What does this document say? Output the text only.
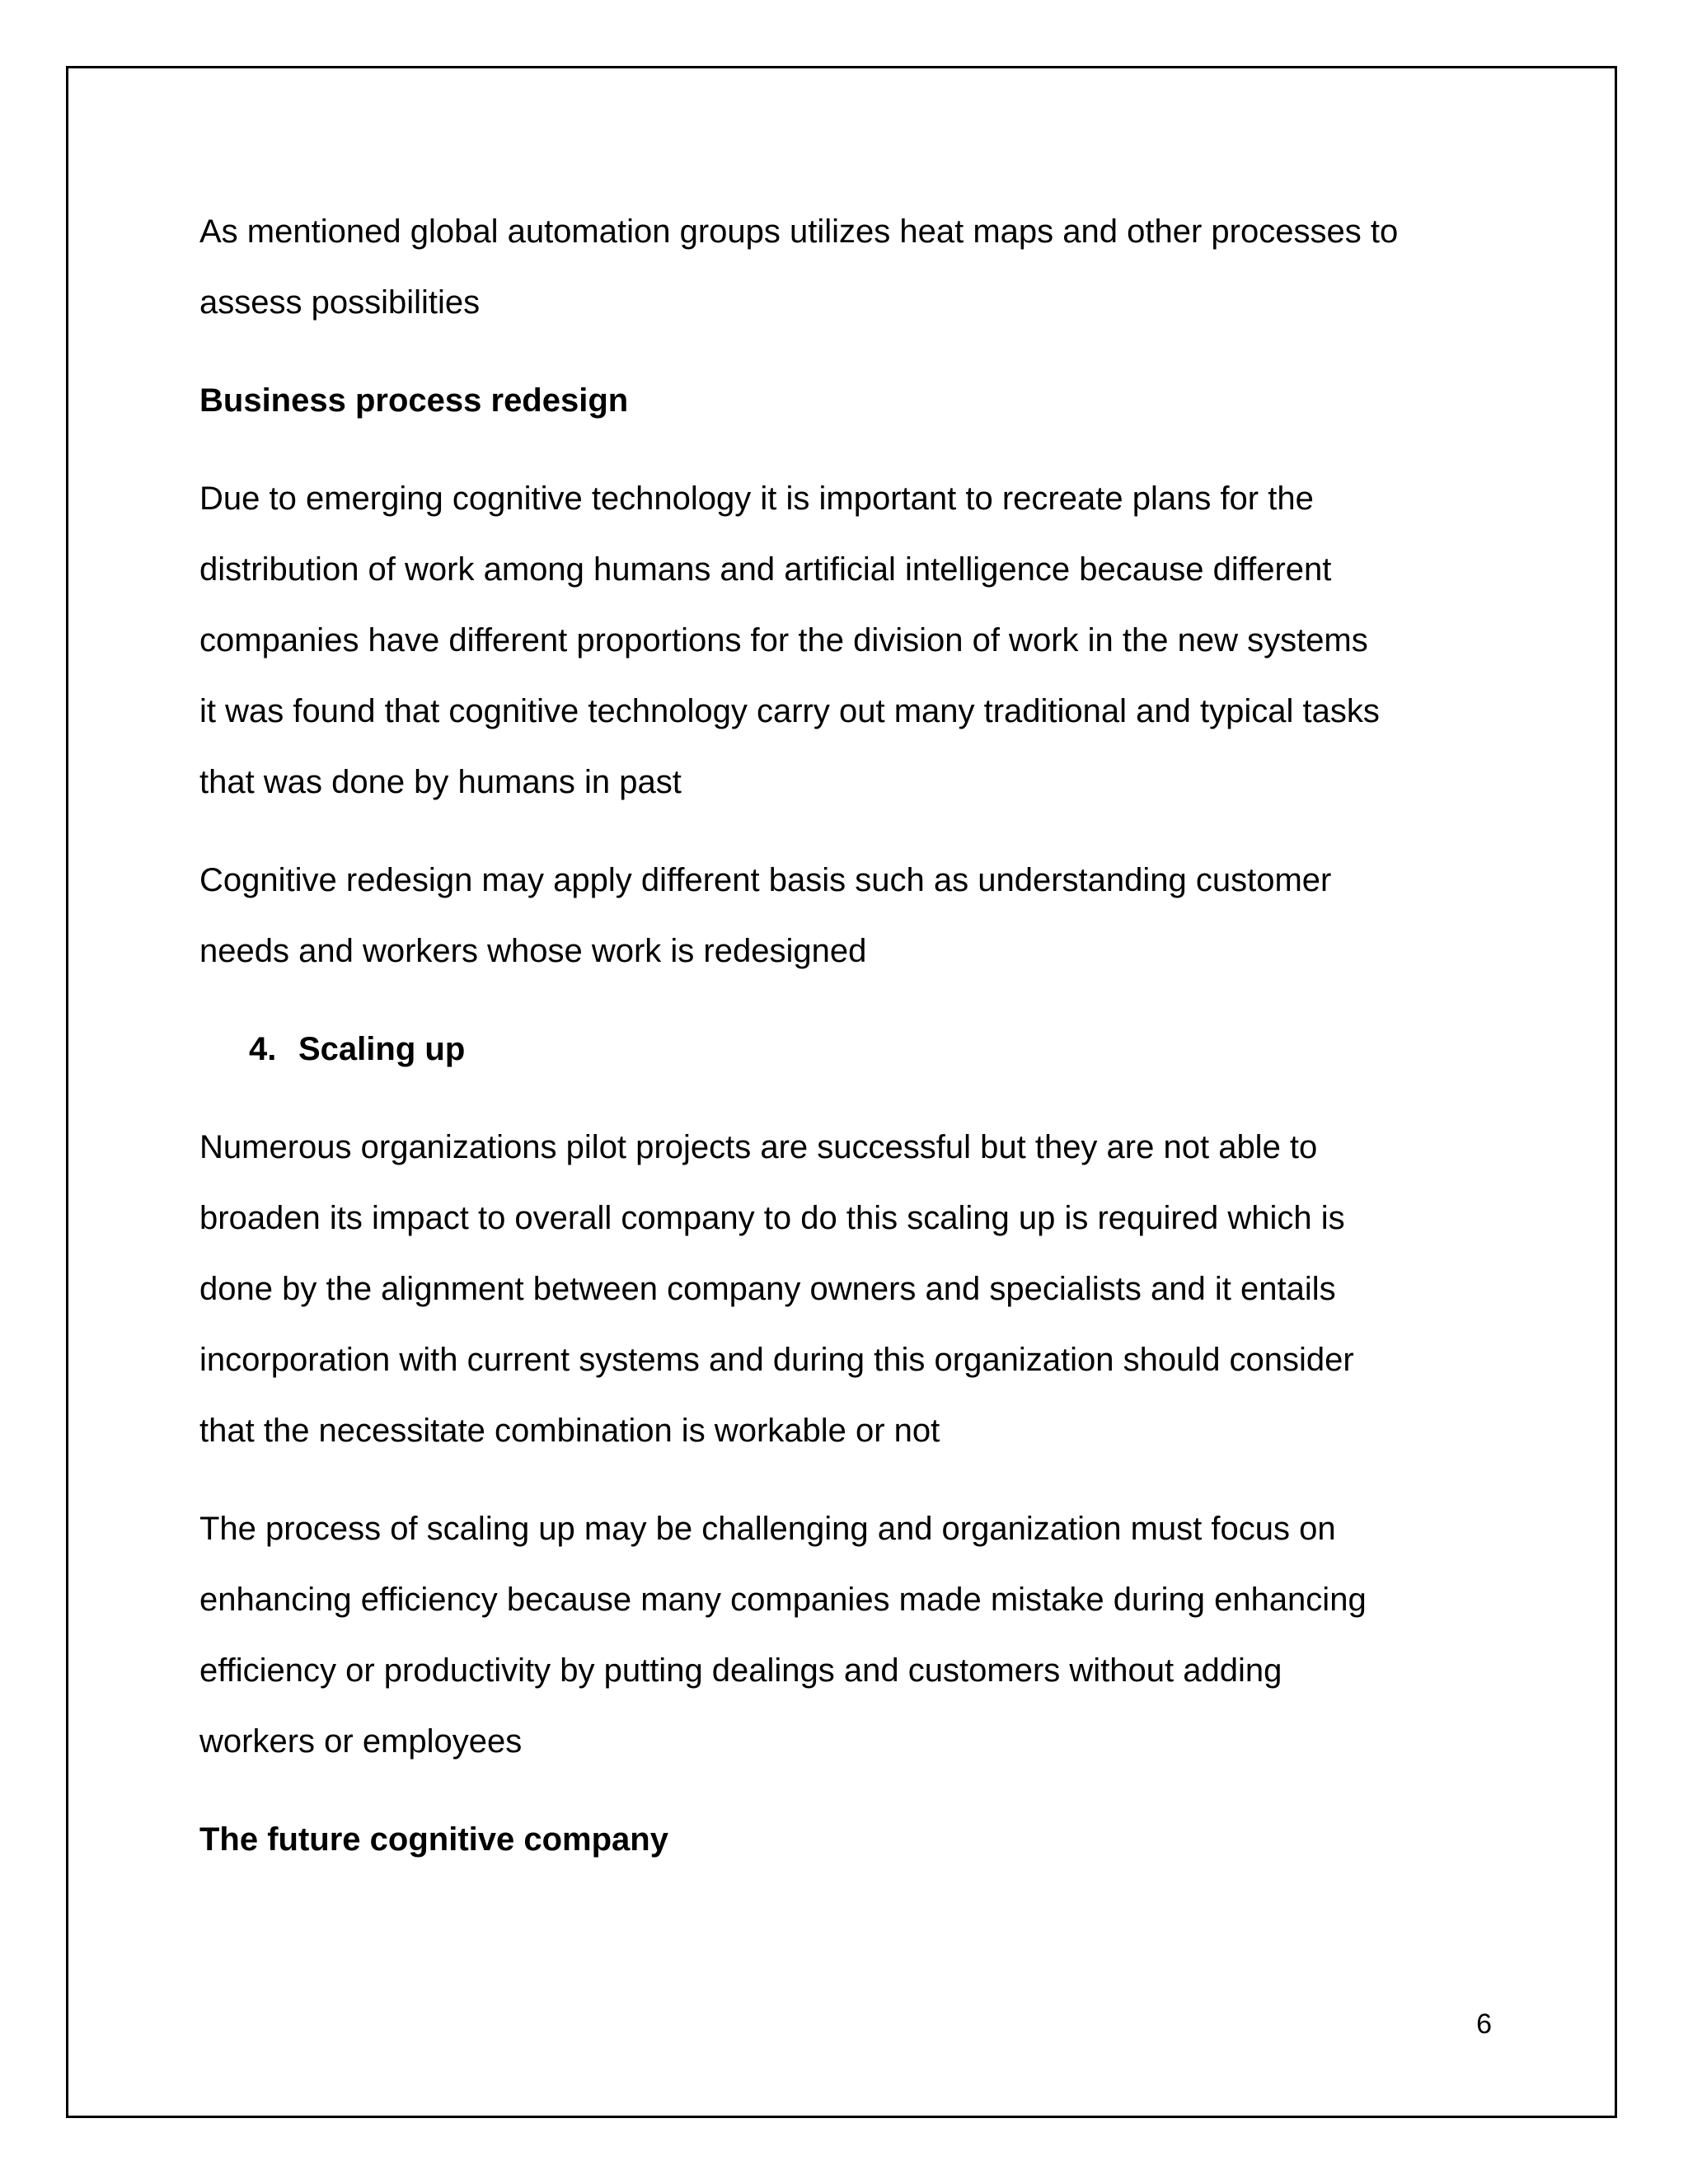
As mentioned global automation groups utilizes heat maps and other processes to
assess possibilities
Business process redesign
Due to emerging cognitive technology it is important to recreate plans for the
distribution of work among humans and artificial intelligence because different
companies have different proportions for the division of work in the new systems
it was found that cognitive technology carry out many traditional and typical tasks
that was done by humans in past
Cognitive redesign may apply different basis such as understanding customer
needs and workers whose work is redesigned
4. Scaling up
Numerous organizations pilot projects are successful but they are not able to
broaden its impact to overall company to do this scaling up is required which is
done by the alignment between company owners and specialists and it entails
incorporation with current systems and during this organization should consider
that the necessitate combination is workable or not
The process of scaling up may be challenging and organization must focus on
enhancing efficiency because many companies made mistake during enhancing
efficiency or productivity by putting dealings and customers without adding
workers or employees
The future cognitive company
6
